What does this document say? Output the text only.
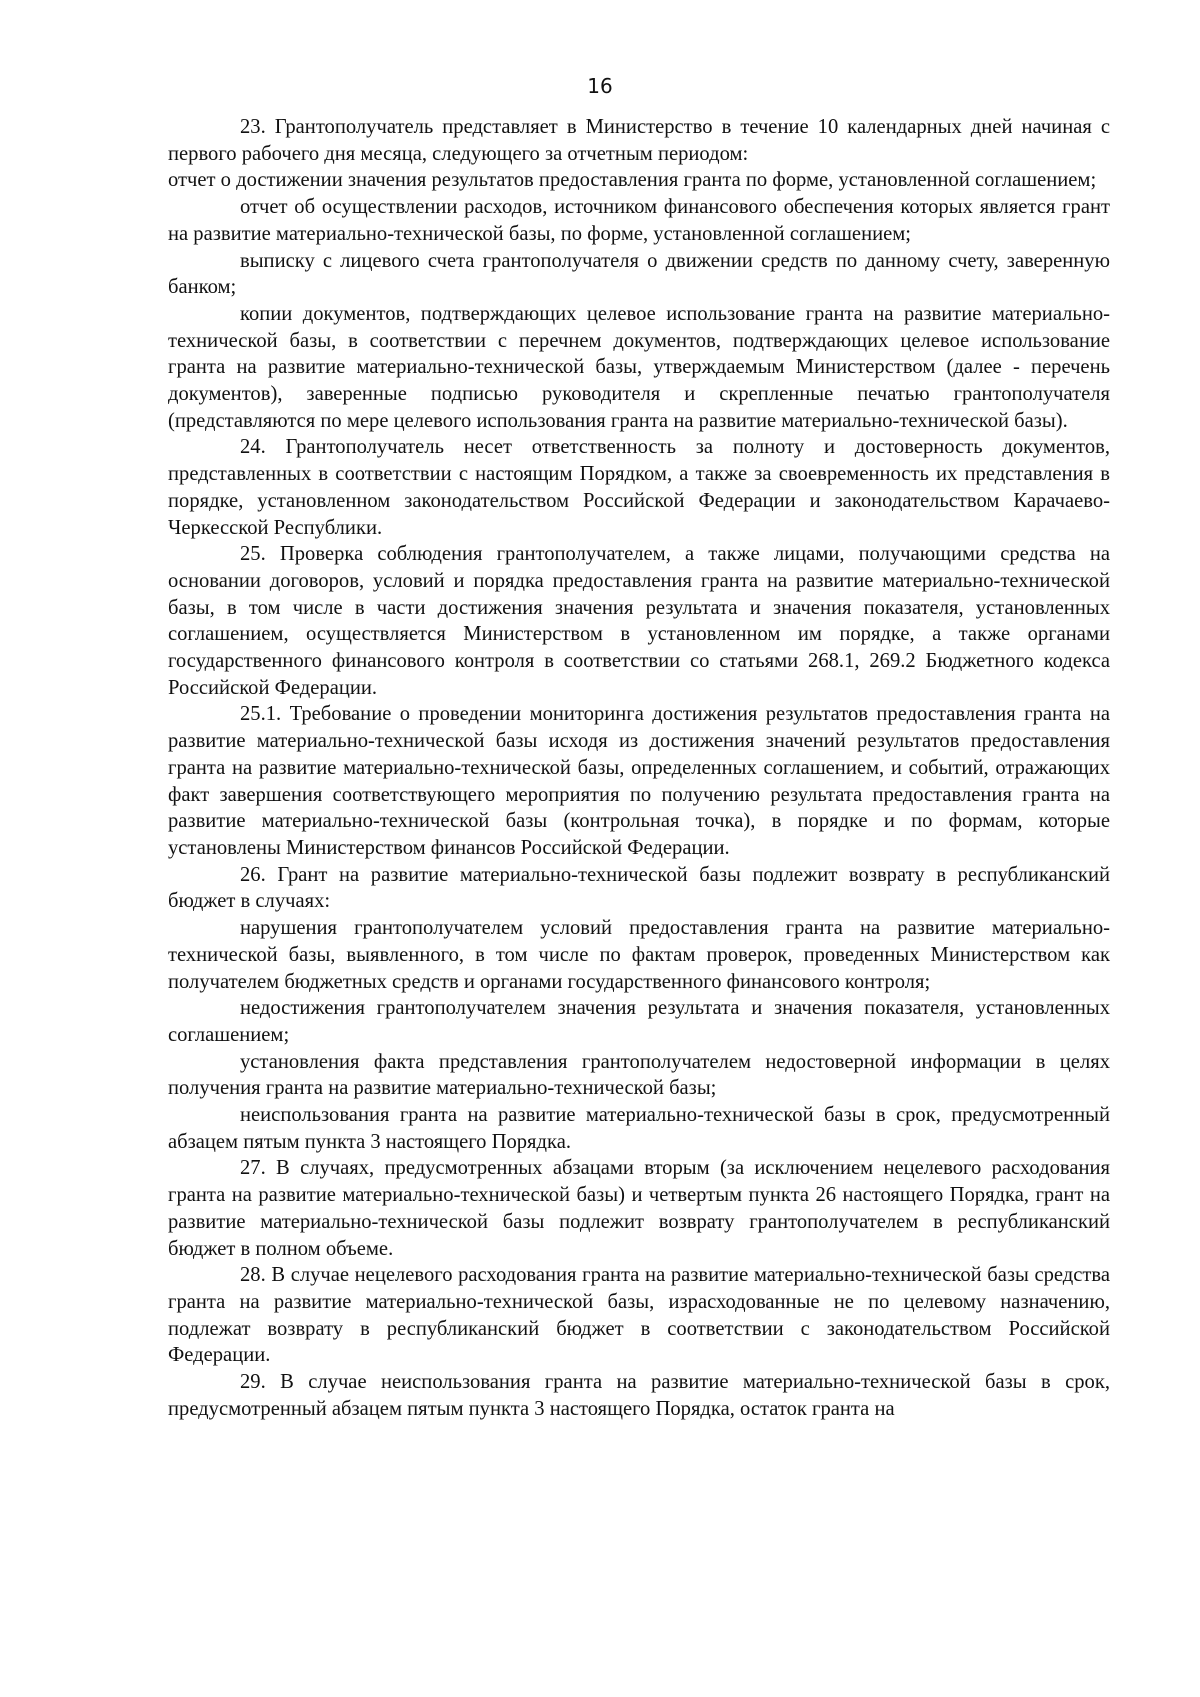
16

23. Грантополучатель представляет в Министерство в течение 10 календарных дней начиная с первого рабочего дня месяца, следующего за отчетным периодом:

отчет о достижении значения результатов предоставления гранта по форме, установленной соглашением;

отчет об осуществлении расходов, источником финансового обеспечения которых является грант на развитие материально-технической базы, по форме, установленной соглашением;

выписку с лицевого счета грантополучателя о движении средств по данному счету, заверенную банком;

копии документов, подтверждающих целевое использование гранта на развитие материально-технической базы, в соответствии с перечнем документов, подтверждающих целевое использование гранта на развитие материально-технической базы, утверждаемым Министерством (далее - перечень документов), заверенные подписью руководителя и скрепленные печатью грантополучателя (представляются по мере целевого использования гранта на развитие материально-технической базы).

24. Грантополучатель несет ответственность за полноту и достоверность документов, представленных в соответствии с настоящим Порядком, а также за своевременность их представления в порядке, установленном законодательством Российской Федерации и законодательством Карачаево-Черкесской Республики.

25. Проверка соблюдения грантополучателем, а также лицами, получающими средства на основании договоров, условий и порядка предоставления гранта на развитие материально-технической базы, в том числе в части достижения значения результата и значения показателя, установленных соглашением, осуществляется Министерством в установленном им порядке, а также органами государственного финансового контроля в соответствии со статьями 268.1, 269.2 Бюджетного кодекса Российской Федерации.

25.1. Требование о проведении мониторинга достижения результатов предоставления гранта на развитие материально-технической базы исходя из достижения значений результатов предоставления гранта на развитие материально-технической базы, определенных соглашением, и событий, отражающих факт завершения соответствующего мероприятия по получению результата предоставления гранта на развитие материально-технической базы (контрольная точка), в порядке и по формам, которые установлены Министерством финансов Российской Федерации.

26. Грант на развитие материально-технической базы подлежит возврату в республиканский бюджет в случаях:

нарушения грантополучателем условий предоставления гранта на развитие материально-технической базы, выявленного, в том числе по фактам проверок, проведенных Министерством как получателем бюджетных средств и органами государственного финансового контроля;

недостижения грантополучателем значения результата и значения показателя, установленных соглашением;

установления факта представления грантополучателем недостоверной информации в целях получения гранта на развитие материально-технической базы;

неиспользования гранта на развитие материально-технической базы в срок, предусмотренный абзацем пятым пункта 3 настоящего Порядка.

27. В случаях, предусмотренных абзацами вторым (за исключением нецелевого расходования гранта на развитие материально-технической базы) и четвертым пункта 26 настоящего Порядка, грант на развитие материально-технической базы подлежит возврату грантополучателем в республиканский бюджет в полном объеме.

28. В случае нецелевого расходования гранта на развитие материально-технической базы средства гранта на развитие материально-технической базы, израсходованные не по целевому назначению, подлежат возврату в республиканский бюджет в соответствии с законодательством Российской Федерации.

29. В случае неиспользования гранта на развитие материально-технической базы в срок, предусмотренный абзацем пятым пункта 3 настоящего Порядка, остаток гранта на
